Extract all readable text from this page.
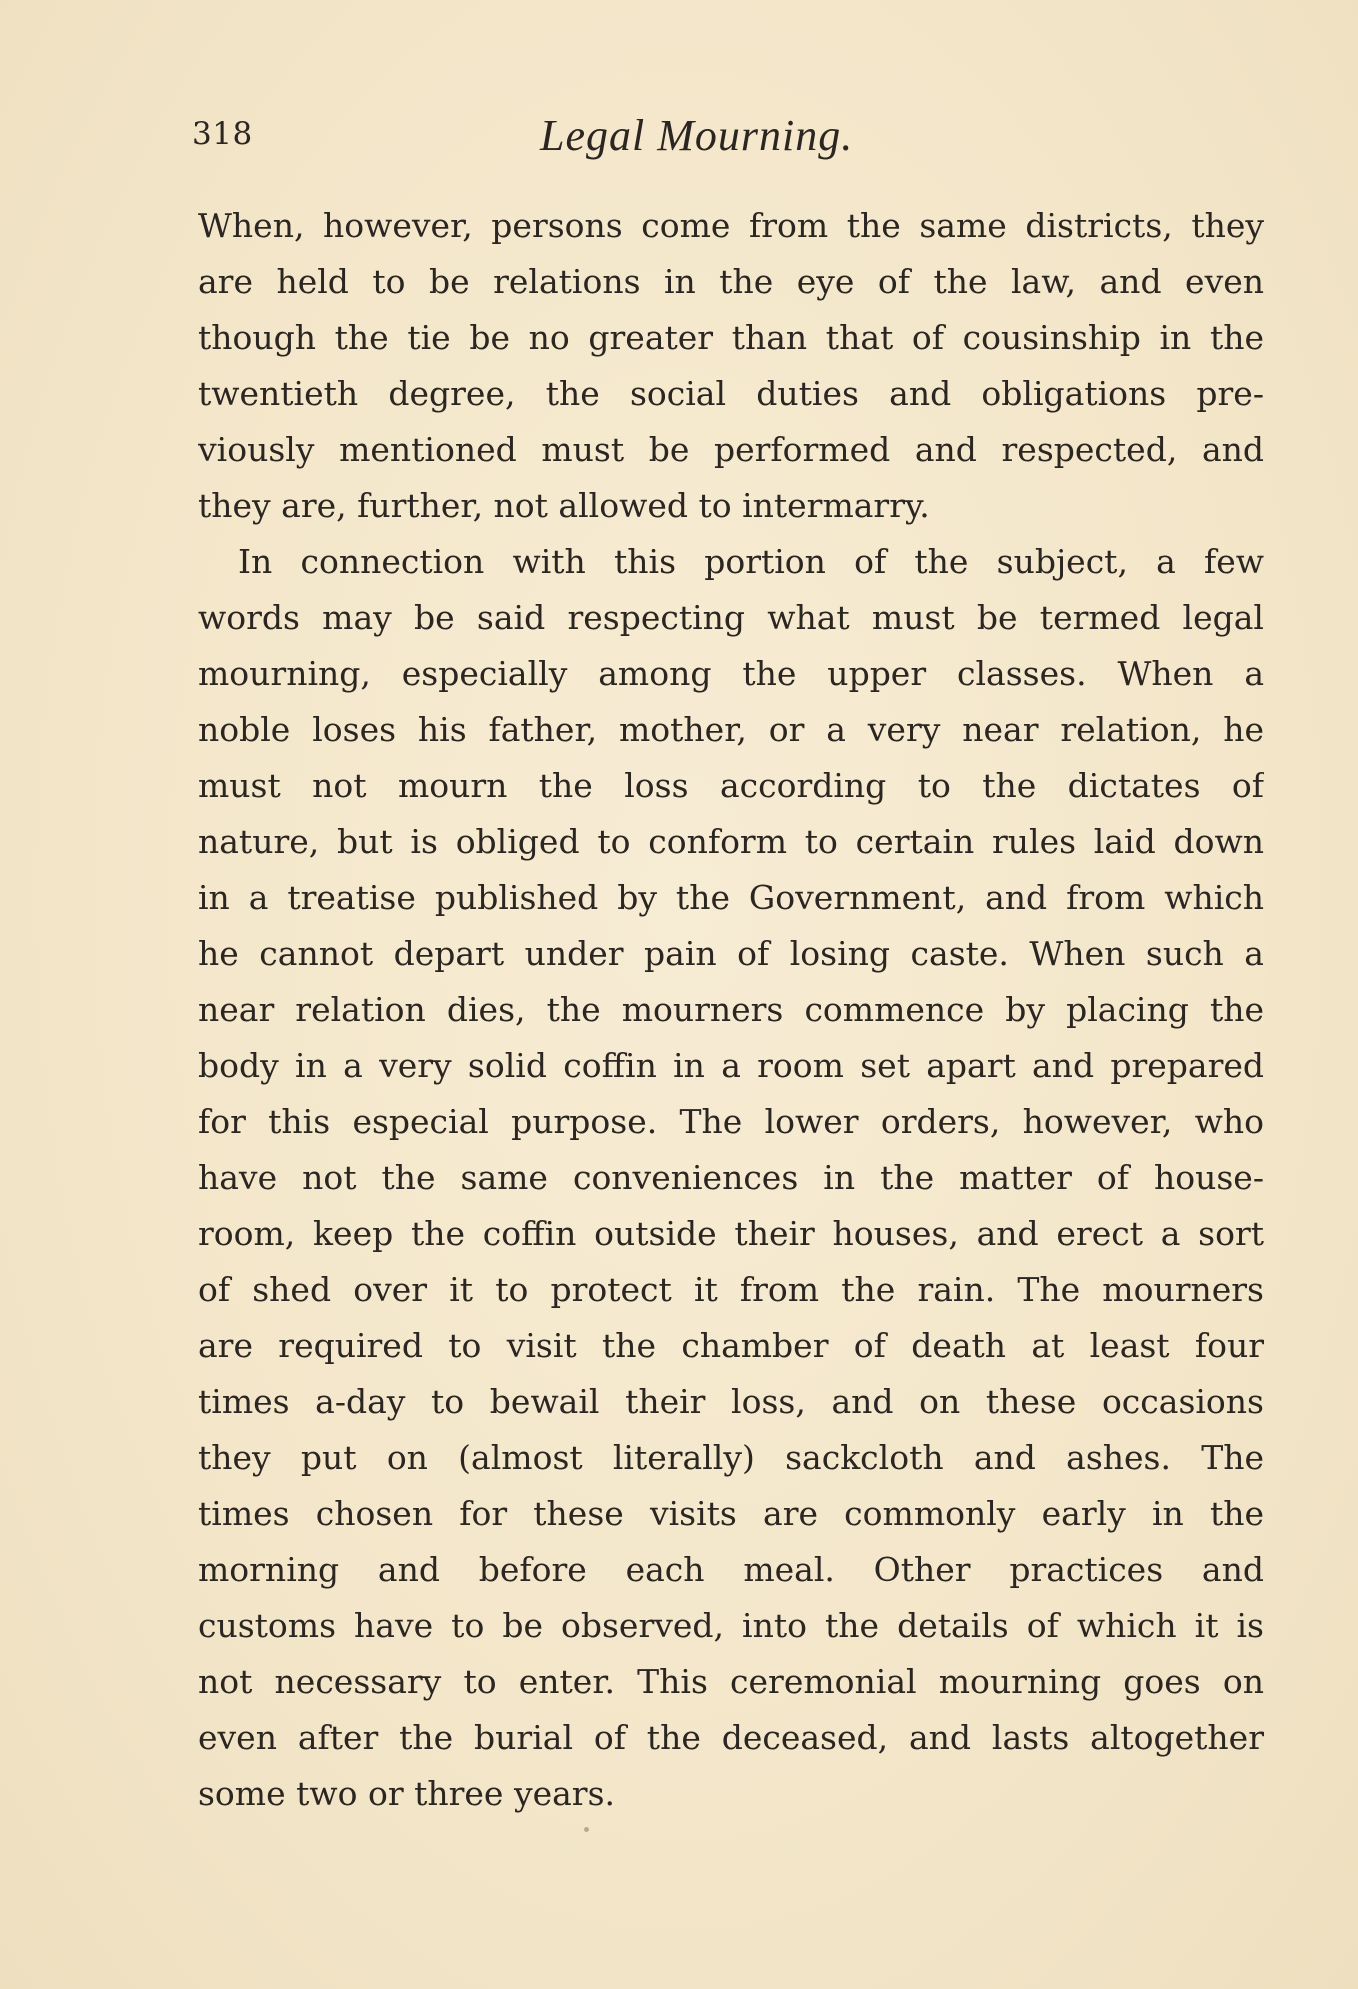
318	Legal Mourning.
When, however, persons come from the same districts, they
are held to be relations in the eye of the law, and even
though the tie be no greater than that of cousinship in the
twentieth degree, the social duties and obligations pre-
viously mentioned must be performed and respected, and
they are, further, not allowed to intermarry.
In connection with this portion of the subject, a few
words may be said respecting what must be termed legal
mourning, especially among the upper classes. When a
noble loses his father, mother, or a very near relation, he
must not mourn the loss according to the dictates of
nature, but is obliged to conform to certain rules laid down
in a treatise published by the Government, and from which
he cannot depart under pain of losing caste. When such a
near relation dies, the mourners commence by placing the
body in a very solid coffin in a room set apart and prepared
for this especial purpose. The lower orders, however, who
have not the same conveniences in the matter of house-
room, keep the coffin outside their houses, and erect a sort
of shed over it to protect it from the rain. The mourners
are required to visit the chamber of death at least four
times a-day to bewail their loss, and on these occasions
they put on (almost literally) sackcloth and ashes. The
times chosen for these visits are commonly early in the
morning and before each meal. Other practices and
customs have to be observed, into the details of which it is
not necessary to enter. This ceremonial mourning goes on
even after the burial of the deceased, and lasts altogether
some two or three years.
